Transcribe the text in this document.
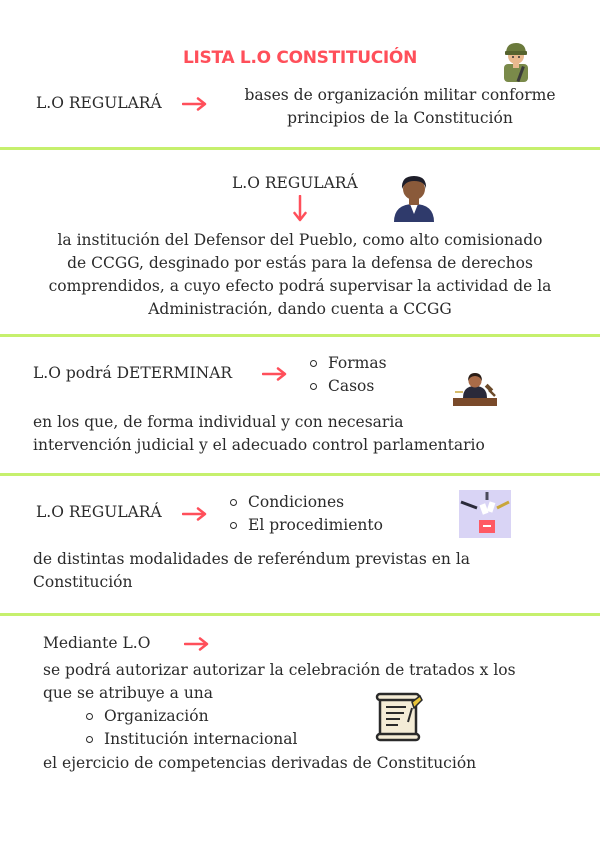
LISTA L.O CONSTITUCIÓN
L.O REGULARÁ	bases de organización militar conforme
principios de la Constitución
L.O REGULARÁ
la institución del Defensor del Pueblo, como alto comisionado
de CCGG, desginado por estás para la defensa de derechos
comprendidos, a cuyo efecto podrá supervisar la actividad de la
Administración, dando cuenta a CCGG
L.O podrá DETERMINAR
Formas
Casos
en los que, de forma individual y con necesaria
intervención judicial y el adecuado control parlamentario
L.O REGULARÁ
Condiciones
El procedimiento
de distintas modalidades de referéndum previstas en la
Constitución
Mediante L.O
se podrá autorizar autorizar la celebración de tratados x los
que se atribuye a una
Organización
Institución internacional
el ejercicio de competencias derivadas de Constitución
